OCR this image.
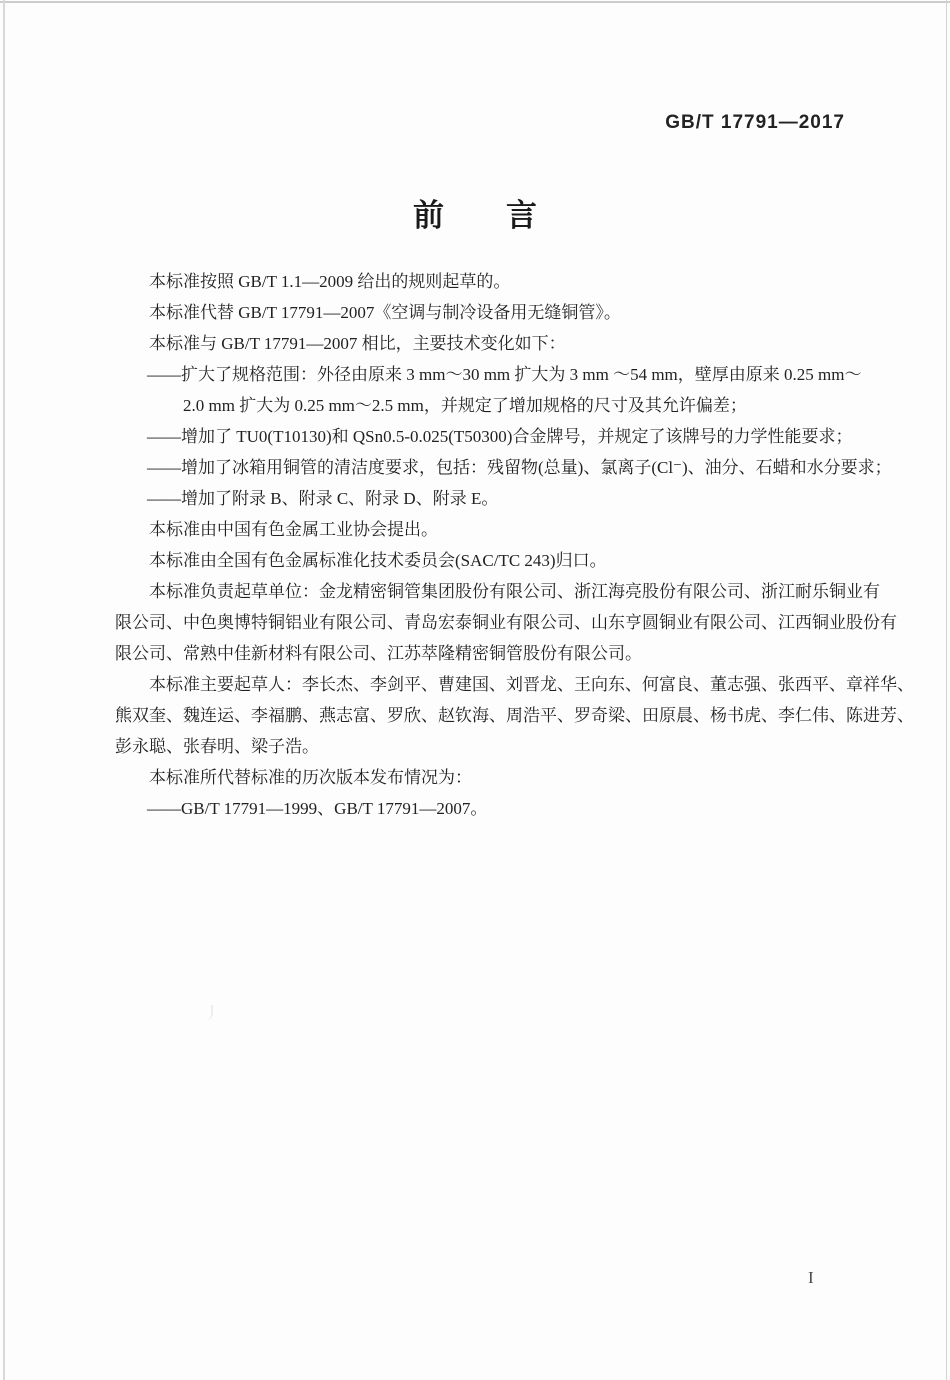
GB/T 17791—2017
前　　言
本标准按照 GB/T 1.1—2009 给出的规则起草的。
本标准代替 GB/T 17791—2007《空调与制冷设备用无缝铜管》。
本标准与 GB/T 17791—2007 相比，主要技术变化如下：
——扩大了规格范围：外径由原来 3 mm～30 mm 扩大为 3 mm ～54 mm，壁厚由原来 0.25 mm～
2.0 mm 扩大为 0.25 mm～2.5 mm，并规定了增加规格的尺寸及其允许偏差；
——增加了 TU0(T10130)和 QSn0.5-0.025(T50300)合金牌号，并规定了该牌号的力学性能要求；
——增加了冰箱用铜管的清洁度要求，包括：残留物(总量)、氯离子(Cl⁻)、油分、石蜡和水分要求；
——增加了附录 B、附录 C、附录 D、附录 E。
本标准由中国有色金属工业协会提出。
本标准由全国有色金属标准化技术委员会(SAC/TC 243)归口。
本标准负责起草单位：金龙精密铜管集团股份有限公司、浙江海亮股份有限公司、浙江耐乐铜业有
限公司、中色奥博特铜铝业有限公司、青岛宏泰铜业有限公司、山东亨圆铜业有限公司、江西铜业股份有
限公司、常熟中佳新材料有限公司、江苏萃隆精密铜管股份有限公司。
本标准主要起草人：李长杰、李剑平、曹建国、刘晋龙、王向东、何富良、董志强、张西平、章祥华、
熊双奎、魏连运、李福鹏、燕志富、罗欣、赵钦海、周浩平、罗奇梁、田原晨、杨书虎、李仁伟、陈进芳、
彭永聪、张春明、梁子浩。
本标准所代替标准的历次版本发布情况为：
——GB/T 17791—1999、GB/T 17791—2007。
I
